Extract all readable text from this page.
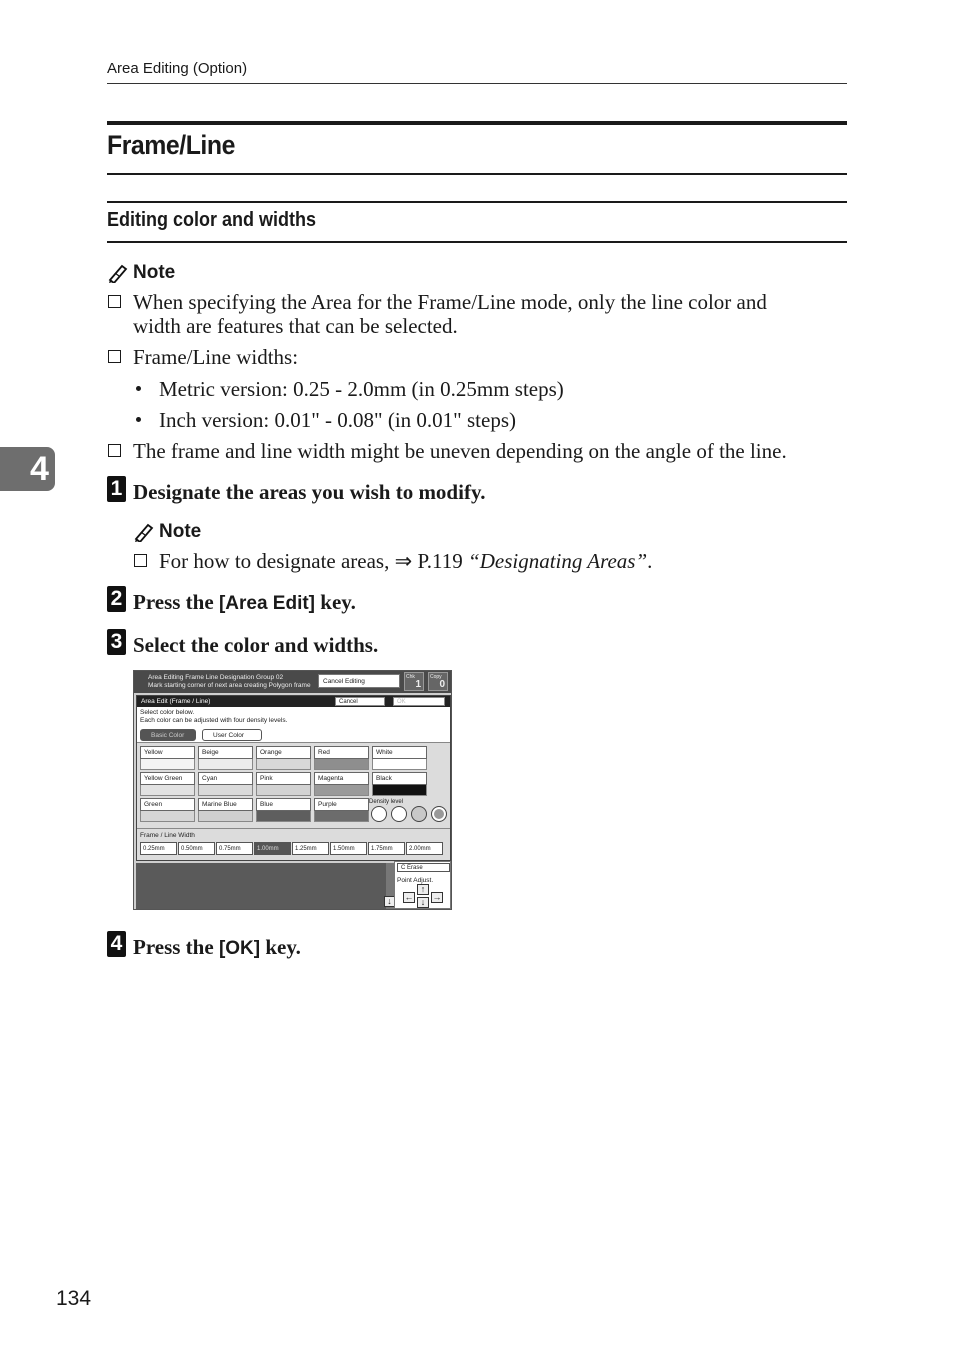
Area Editing (Option)
Frame/Line
Editing color and widths
Note
When specifying the Area for the Frame/Line mode, only the line color and
width are features that can be selected.
Frame/Line widths:
Metric version: 0.25 - 2.0mm (in 0.25mm steps)
Inch version: 0.01" - 0.08" (in 0.01" steps)
The frame and line width might be uneven depending on the angle of the line.
4
1 Designate the areas you wish to modify.
Note
For how to designate areas, ⇒ P.119 “Designating Areas”.
2 Press the [Area Edit] key.
3 Select the color and widths.
Area Editing Frame Line Designation Group 02
Mark starting corner of next area creating Polygon frame
Cancel Editing
Chk
1
Copy
0
Area Edit (Frame / Line)	Cancel	OK
Select color below.
Each color can be adjusted with four density levels.
Basic Color	User Color
Yellow	Beige	Orange	Red	White
Yellow Green	Cyan	Pink	Magenta	Black
Green	Marine Blue	Blue	Purple	Density level
Frame / Line Width
0.25mm	0.50mm	0.75mm	1.00mm	1.25mm	1.50mm	1.75mm	2.00mm
↓
C Erase
Point Adjust.
↑
← →
↓
4 Press the [OK] key.
134
